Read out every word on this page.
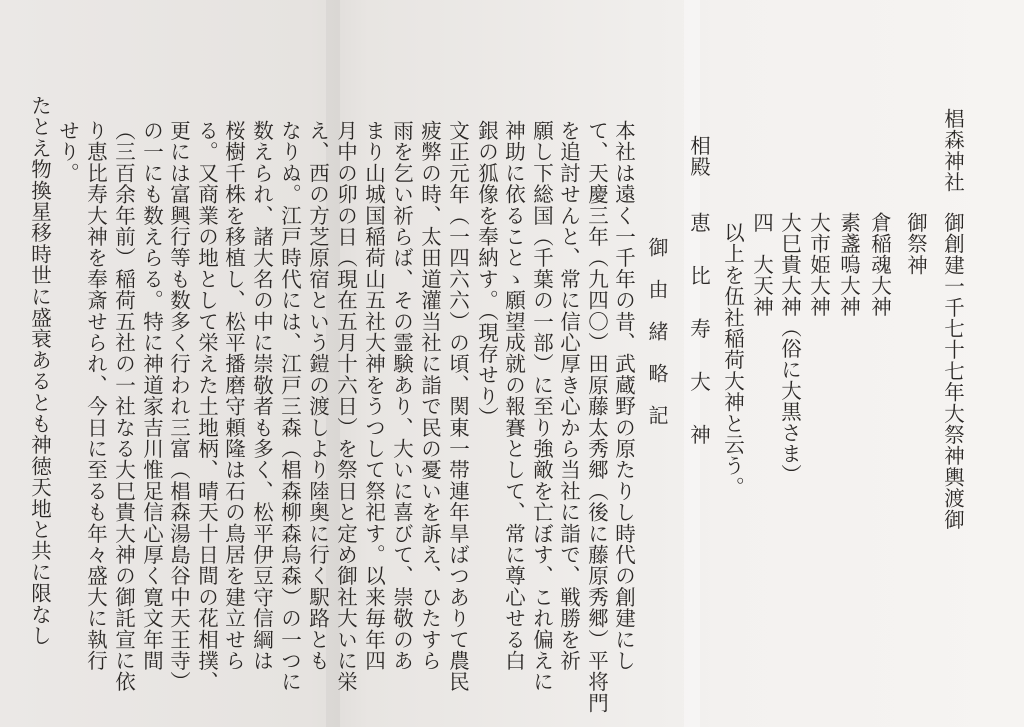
椙森神社
御創建一千七十七年大祭神輿渡御
御祭神
倉稲魂大神
素盞嗚大神
大市姫大神
大巳貴大神（俗に大黒さま）
四　大天神
以上を伍社稲荷大神と云う。
相殿
恵　比　寿　大　神
御由緒略記
本社は遠く一千年の昔、武蔵野の原たりし時代の創建にし
て、天慶三年（九四〇）田原藤太秀郷（後に藤原秀郷）平将門
を追討せんと、常に信心厚き心から当社に詣で、戦勝を祈
願し下総国（千葉の一部）に至り強敵を亡ぼす、これ偏えに
神助に依ることゝ願望成就の報賽として、常に尊心せる白
銀の狐像を奉納す。（現存せり）
文正元年（一四六六）の頃、関東一帯連年旱ばつありて農民
疲弊の時、太田道灌当社に詣で民の憂いを訴え、ひたすら
雨を乞い祈らば、その霊験あり、大いに喜びて、崇敬のあ
まり山城国稲荷山五社大神をうつして祭祀す。以来毎年四
月中の卯の日（現在五月十六日）を祭日と定め御社大いに栄
え、西の方芝原宿という鎧の渡しより陸奥に行く駅路とも
なりぬ。江戸時代には、江戸三森（椙森柳森烏森）の一つに
数えられ、諸大名の中に崇敬者も多く、松平伊豆守信綱は
桜樹千株を移植し、松平播磨守頼隆は石の鳥居を建立せら
る。又商業の地として栄えた土地柄、晴天十日間の花相撲、
更には富興行等も数多く行われ三富（椙森湯島谷中天王寺）
の一にも数えらる。特に神道家吉川惟足信心厚く寛文年間
（三百余年前）稲荷五社の一社なる大巳貴大神の御託宣に依
り恵比寿大神を奉斎せられ、今日に至るも年々盛大に執行
せり。
たとえ物換星移時世に盛衰あるとも神徳天地と共に限なし
